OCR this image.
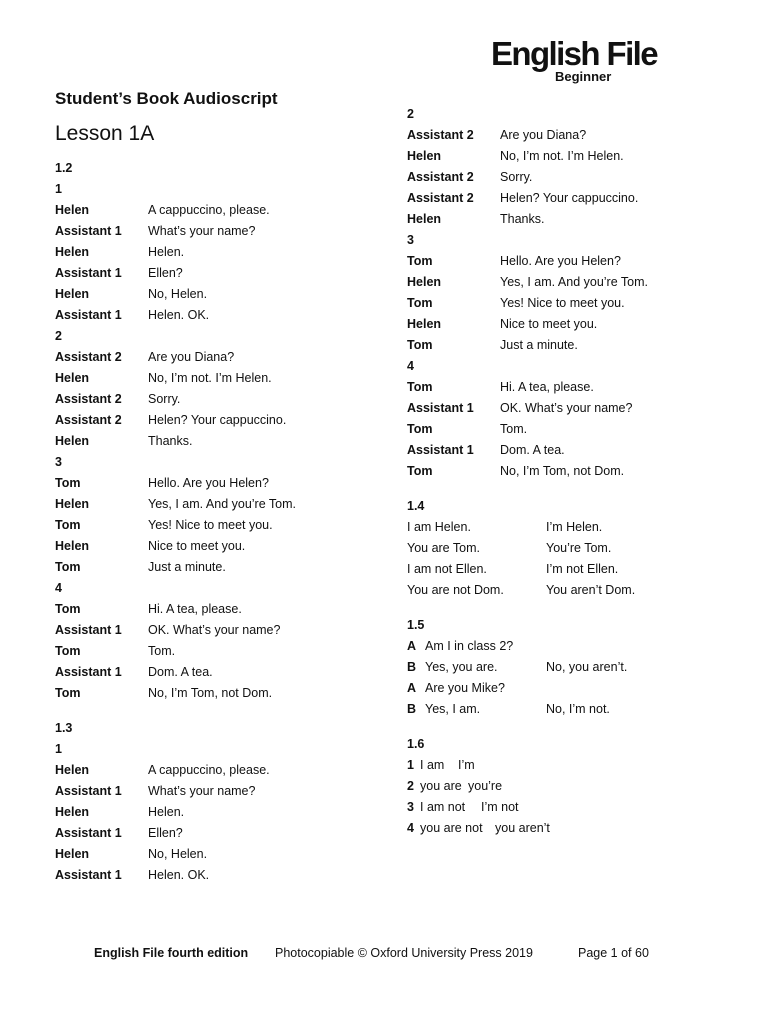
English File
Beginner
Student’s Book Audioscript
Lesson 1A
1.2
1
Helen	A cappuccino, please.
Assistant 1	What’s your name?
Helen	Helen.
Assistant 1	Ellen?
Helen	No, Helen.
Assistant 1	Helen. OK.
2
Assistant 2	Are you Diana?
Helen	No, I’m not. I’m Helen.
Assistant 2	Sorry.
Assistant 2	Helen? Your cappuccino.
Helen	Thanks.
3
Tom	Hello. Are you Helen?
Helen	Yes, I am. And you’re Tom.
Tom	Yes! Nice to meet you.
Helen	Nice to meet you.
Tom	Just a minute.
4
Tom	Hi. A tea, please.
Assistant 1	OK. What’s your name?
Tom	Tom.
Assistant 1	Dom. A tea.
Tom	No, I’m Tom, not Dom.
1.3
1
Helen	A cappuccino, please.
Assistant 1	What’s your name?
Helen	Helen.
Assistant 1	Ellen?
Helen	No, Helen.
Assistant 1	Helen. OK.
2
Assistant 2	Are you Diana?
Helen	No, I’m not. I’m Helen.
Assistant 2	Sorry.
Assistant 2	Helen? Your cappuccino.
Helen	Thanks.
3
Tom	Hello. Are you Helen?
Helen	Yes, I am. And you’re Tom.
Tom	Yes! Nice to meet you.
Helen	Nice to meet you.
Tom	Just a minute.
4
Tom	Hi. A tea, please.
Assistant 1	OK. What’s your name?
Tom	Tom.
Assistant 1	Dom. A tea.
Tom	No, I’m Tom, not Dom.
1.4
I am Helen.	I’m Helen.
You are Tom.	You’re Tom.
I am not Ellen.	I’m not Ellen.
You are not Dom.	You aren’t Dom.
1.5
A Am I in class 2?
B Yes, you are.	No, you aren’t.
A Are you Mike?
B Yes, I am.	No, I’m not.
1.6
1 I am	I’m
2 you are you’re
3 I am not	I’m not
4 you are not you aren’t
English File fourth edition Photocopiable © Oxford University Press 2019	Page 1 of 60
